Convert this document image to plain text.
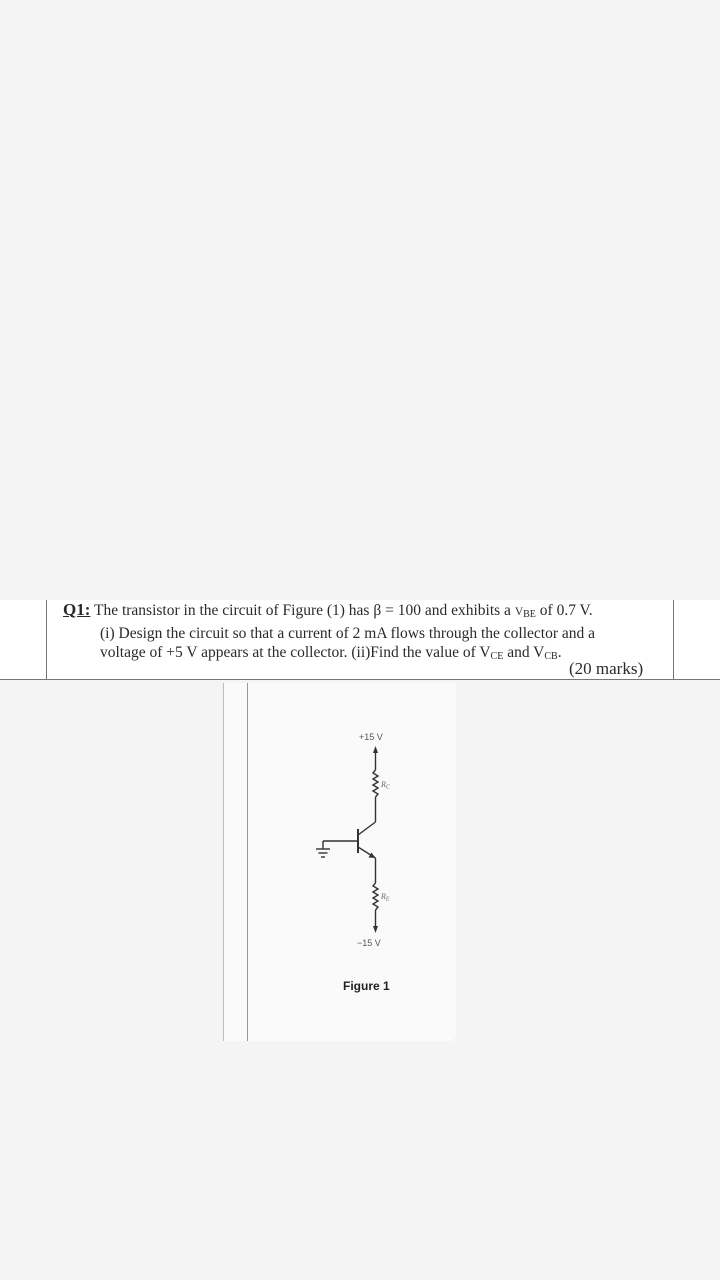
Q1: The transistor in the circuit of Figure (1) has β = 100 and exhibits a $V_{BE}$ of 0.7 V.
(i) Design the circuit so that a current of 2 mA flows through the collector and a
voltage of +5 V appears at the collector. (ii)Find the value of $V_{CE}$ and $V_{CB}$.
(20 marks)
+15 V
−15 V
RC
RE
Figure 1
